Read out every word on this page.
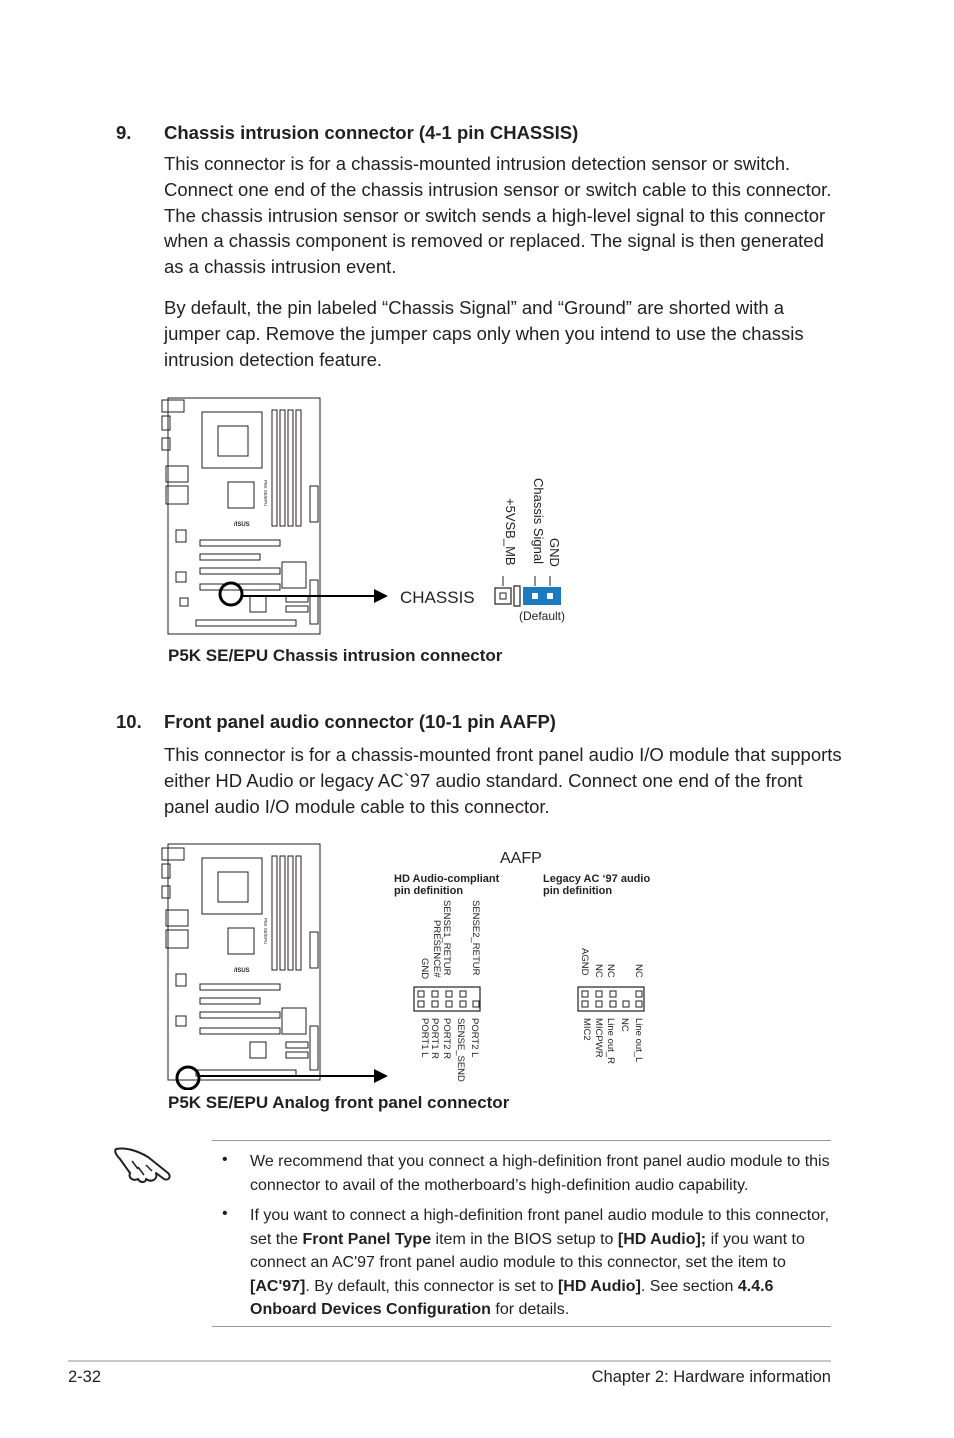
9. Chassis intrusion connector (4-1 pin CHASSIS)
This connector is for a chassis-mounted intrusion detection sensor or switch. Connect one end of the chassis intrusion sensor or switch cable to this connector. The chassis intrusion sensor or switch sends a high-level signal to this connector when a chassis component is removed or replaced. The signal is then generated as a chassis intrusion event.
By default, the pin labeled “Chassis Signal” and “Ground” are shorted with a jumper cap. Remove the jumper caps only when you intend to use the chassis intrusion detection feature.
P5K SE/EPU
/ISUS
CHASSIS
+5VSB_MB Chassis Signal GND
(Default)
P5K SE/EPU Chassis intrusion connector
10. Front panel audio connector (10-1 pin AAFP)
This connector is for a chassis-mounted front panel audio I/O module that supports either HD Audio or legacy AC`97 audio standard. Connect one end of the front panel audio I/O module cable to this connector.
P5K SE/EPU
/ISUS
AAFP
HD Audio-compliant pin definition
Legacy AC ‘97 audio pin definition
GND PRESENCE# SENSE1_RETUR SENSE2_RETUR
PORT1 L PORT1 R PORT2 R SENSE_SEND PORT2 L
AGND NC NC NC
MIC2 MICPWR Line out_R NC Line out_L
P5K SE/EPU Analog front panel connector
• We recommend that you connect a high-definition front panel audio module to this connector to avail of the motherboard’s high-definition audio capability.
• If you want to connect a high-definition front panel audio module to this connector, set the Front Panel Type item in the BIOS setup to [HD Audio]; if you want to connect an AC'97 front panel audio module to this connector, set the item to [AC'97]. By default, this connector is set to [HD Audio]. See section 4.4.6 Onboard Devices Configuration for details.
2-32	Chapter 2: Hardware information
